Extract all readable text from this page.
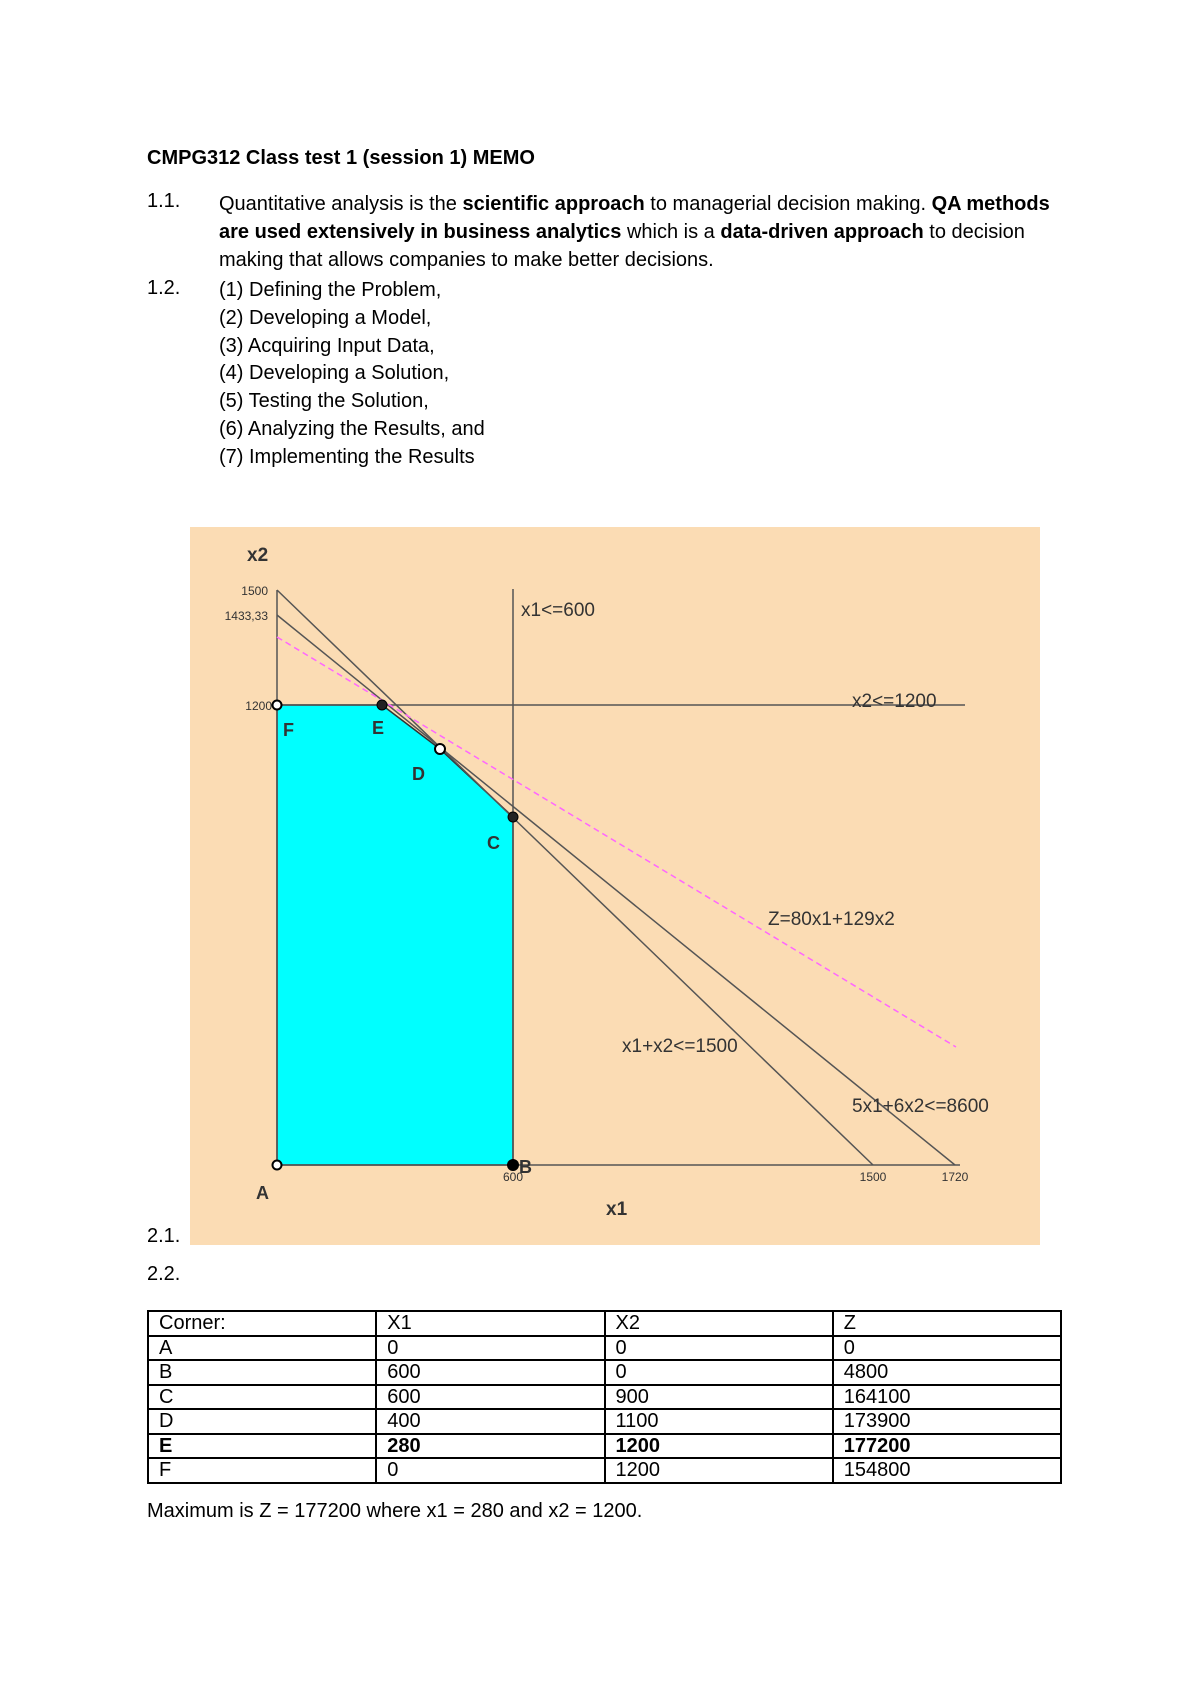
CMPG312 Class test 1 (session 1) MEMO
1.1. Quantitative analysis is the scientific approach to managerial decision making. QA methods are used extensively in business analytics which is a data-driven approach to decision making that allows companies to make better decisions.
1.2. (1) Defining the Problem,
(2) Developing a Model,
(3) Acquiring Input Data,
(4) Developing a Solution,
(5) Testing the Solution,
(6) Analyzing the Results, and
(7) Implementing the Results
x2
x1
1500
1433,33
1200
600	1500	1720
x1<=600
x2<=1200
x1+x2<=1500
5x1+6x2<=8600
Z=80x1+129x2
A
B
C
D
E
F
2.1.
2.2.
Corner:	X1	X2	Z
A	0	0	0
B	600	0	4800
C	600	900	164100
D	400	1100	173900
E	280	1200	177200
F	0	1200	154800
Maximum is Z = 177200 where x1 = 280 and x2 = 1200.
